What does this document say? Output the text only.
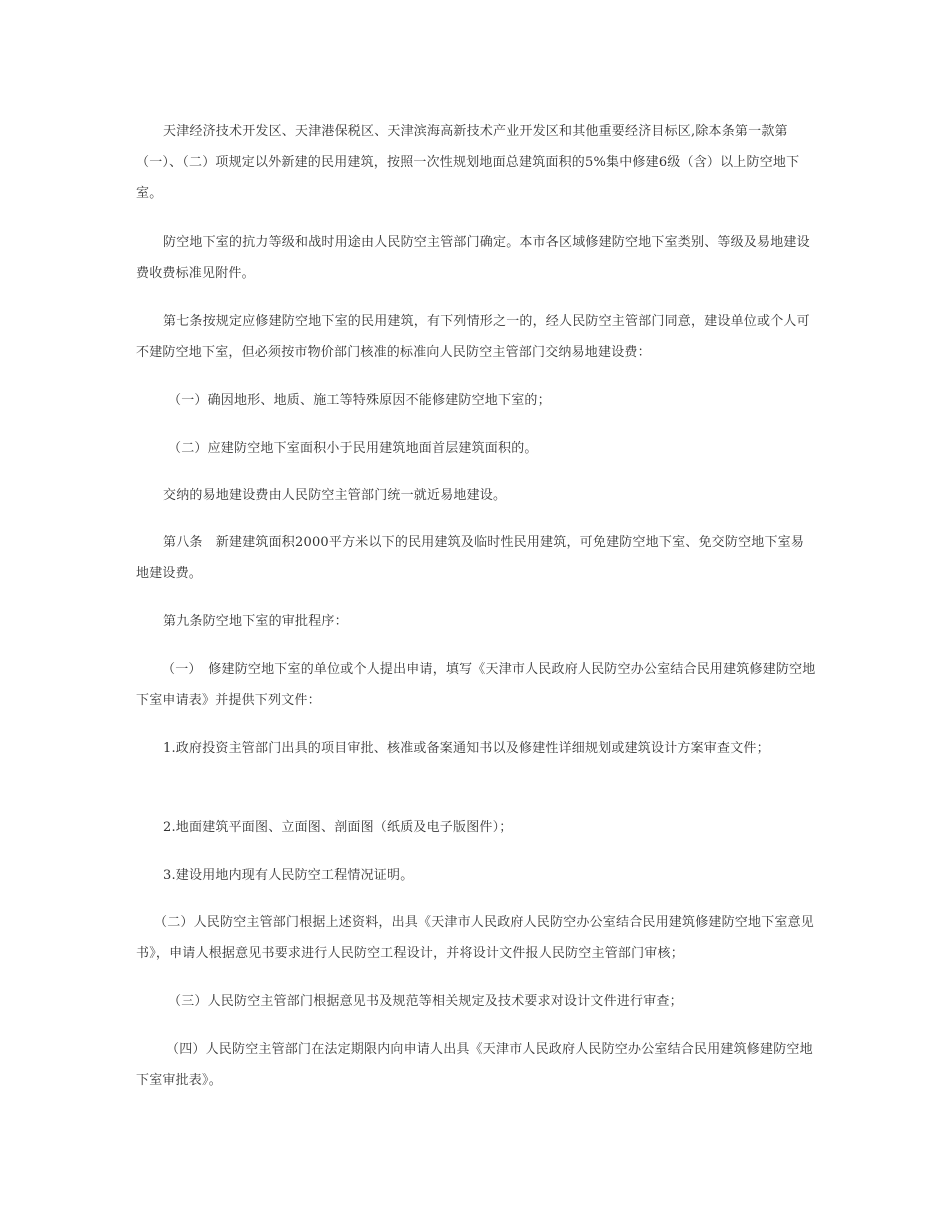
天津经济技术开发区、天津港保税区、天津滨海高新技术产业开发区和其他重要经济目标区,除本条第一款第（一）、（二）项规定以外新建的民用建筑，按照一次性规划地面总建筑面积的5%集中修建6级（含）以上防空地下室。

防空地下室的抗力等级和战时用途由人民防空主管部门确定。本市各区域修建防空地下室类别、等级及易地建设费收费标准见附件。

第七条按规定应修建防空地下室的民用建筑，有下列情形之一的，经人民防空主管部门同意，建设单位或个人可不建防空地下室，但必须按市物价部门核准的标准向人民防空主管部门交纳易地建设费：

（一）确因地形、地质、施工等特殊原因不能修建防空地下室的；

（二）应建防空地下室面积小于民用建筑地面首层建筑面积的。

交纳的易地建设费由人民防空主管部门统一就近易地建设。

第八条　新建建筑面积2000平方米以下的民用建筑及临时性民用建筑，可免建防空地下室、免交防空地下室易地建设费。

第九条防空地下室的审批程序：

（一）　修建防空地下室的单位或个人提出申请，填写《天津市人民政府人民防空办公室结合民用建筑修建防空地下室申请表》并提供下列文件：

1.政府投资主管部门出具的项目审批、核准或备案通知书以及修建性详细规划或建筑设计方案审查文件；

2.地面建筑平面图、立面图、剖面图（纸质及电子版图件）；

3.建设用地内现有人民防空工程情况证明。

（二）人民防空主管部门根据上述资料，出具《天津市人民政府人民防空办公室结合民用建筑修建防空地下室意见书》，申请人根据意见书要求进行人民防空工程设计，并将设计文件报人民防空主管部门审核；

（三）人民防空主管部门根据意见书及规范等相关规定及技术要求对设计文件进行审查；

（四）人民防空主管部门在法定期限内向申请人出具《天津市人民政府人民防空办公室结合民用建筑修建防空地下室审批表》。
